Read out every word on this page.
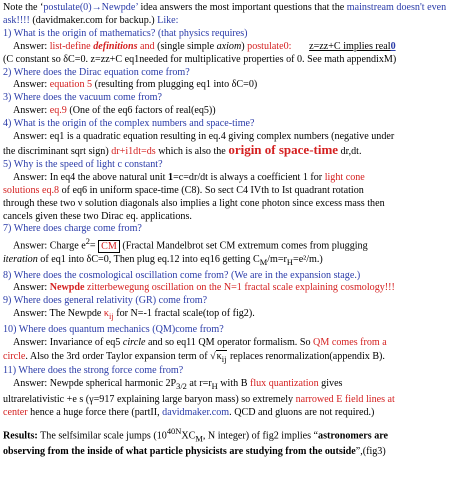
Note the ‘postulate(0)→Newpde’ idea answers the most important questions that the mainstream doesn't even ask!!!! (davidmaker.com for backup.) Like:

1) What is the origin of mathematics? (that physics requires)

Answer: list-define definitions and (single simple axiom) postulate0: z=zz+C implies real0

(C constant so δC=0. z=zz+C eq1needed for multiplicative properties of 0. See math appendixM)

2) Where does the Dirac equation come from?

Answer: equation 5 (resulting from plugging eq1 into δC=0)

3) Where does the vacuum come from?

Answer: eq.9 (One of the eq6 factors of real(eq5))

4) What is the origin of the complex numbers and space-time?

Answer: eq1 is a quadratic equation resulting in eq.4 giving complex numbers (negative under

the discriminant sqrt sign) dr+i1dt=ds which is also the origin of space-time dr,dt.

5) Why is the speed of light c constant?

Answer: In eq4 the above natural unit 1=c=dr/dt is always a coefficient 1 for light cone

solutions eq.8 of eq6 in uniform space-time (C8). So sect C4 IVth to Ist quadrant rotation

through these two ν solution diagonals also implies a light cone photon since excess mass then

cancels given these two Dirac eq. applications.

7) Where does charge come from?

Answer: Charge $e^2=$ CM (Fractal Mandelbrot set CM extremum comes from plugging

iteration of eq1 into δC=0, Then plug eq.12 into eq16 getting $C_M/m=r_H=e^2/m$.)

8) Where does the cosmological oscillation come from? (We are in the expansion stage.)

Answer: Newpde zitterbewegung oscillation on the N=1 fractal scale explaining cosmology!!!

9) Where does general relativity (GR) come from?

Answer: The Newpde $\kappa_{ij}$ for N=-1 fractal scale(top of fig2).

10) Where does quantum mechanics (QM)come from?

Answer: Invariance of eq5 circle and so eq11 QM operator formalism. So QM comes from a

circle. Also the 3rd order Taylor expansion term of $√\kappa_{ij}$ replaces renormalization(appendix B).

11) Where does the strong force come from?

Answer: Newpde spherical harmonic $2P_{3/2}$ at $r=r_H$ with B flux quantization gives

ultrarelativistic +e s (γ=917 explaining large baryon mass) so extremely narrowed E field lines at

center hence a huge force there (partII, davidmaker.com. QCD and gluons are not required.)

Results: The selfsimilar scale jumps ($10^{40N}XC_M$, N integer) of fig2 implies “astronomers are
observing from the inside of what particle physicists are studying from the outside”,(fig3)
